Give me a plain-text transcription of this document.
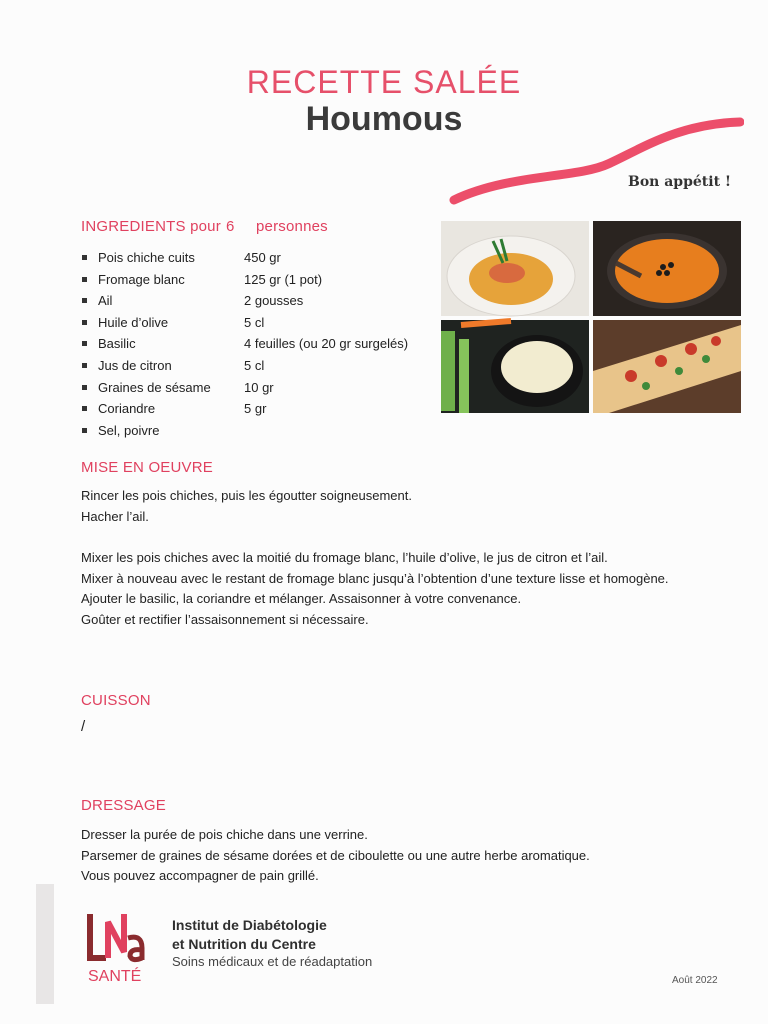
RECETTE SALÉE
Houmous
Bon appétit !
INGREDIENTS pour 6 personnes
Pois chiche cuits	450 gr
Fromage blanc	125 gr (1 pot)
Ail	2 gousses
Huile d’olive	5 cl
Basilic	4 feuilles (ou 20 gr surgelés)
Jus de citron	5 cl
Graines de sésame	10 gr
Coriandre	5 gr
Sel, poivre
MISE EN OEUVRE
Rincer les pois chiches, puis les égoutter soigneusement.
Hacher l’ail.
Mixer les pois chiches avec la moitié du fromage blanc, l’huile d’olive, le jus de citron et l’ail.
Mixer à nouveau avec le restant de fromage blanc jusqu’à l’obtention d’une texture lisse et homogène.
Ajouter le basilic, la coriandre et mélanger. Assaisonner à votre convenance.
Goûter et rectifier l’assaisonnement si nécessaire.
CUISSON
/
DRESSAGE
Dresser la purée de pois chiche dans une verrine.
Parsemer de graines de sésame dorées et de ciboulette ou une autre herbe aromatique.
Vous pouvez accompagner de pain grillé.
SANTÉ
Institut de Diabétologie
et Nutrition du Centre
Soins médicaux et de réadaptation
Août 2022
